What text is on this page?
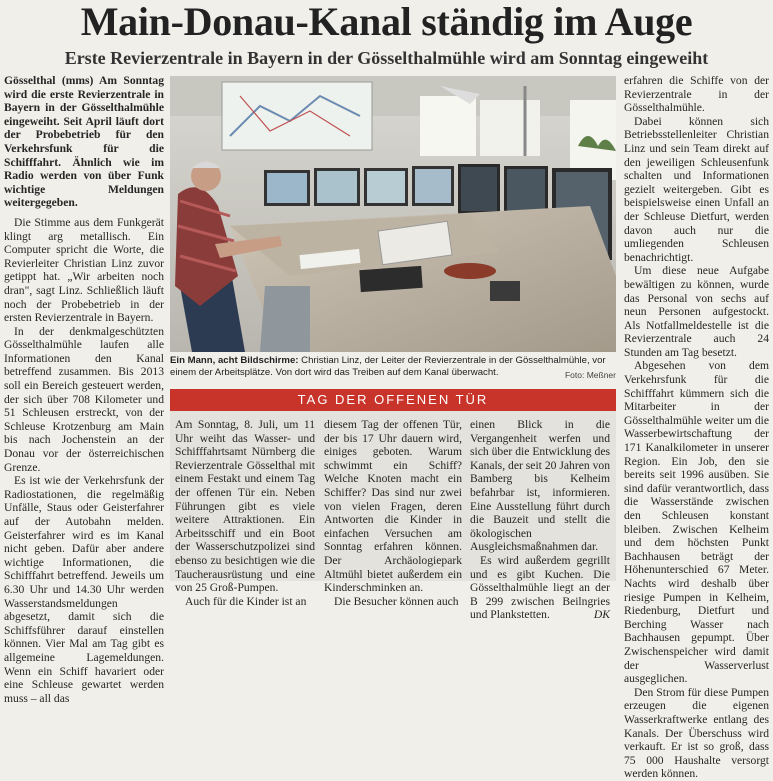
Main-Donau-Kanal ständig im Auge
Erste Revierzentrale in Bayern in der Gösselthalmühle wird am Sonntag eingeweiht

Gösselthal (mms) Am Sonntag wird die erste Revierzentrale in Bayern in der Gösselthalmühle eingeweiht. Seit April läuft dort der Probebetrieb für den Verkehrsfunk für die Schifffahrt. Ähnlich wie im Radio werden von über Funk wichtige Meldungen weitergegeben.

Die Stimme aus dem Funkgerät klingt arg metallisch. Ein Computer spricht die Worte, die Revierleiter Christian Linz zuvor getippt hat. „Wir arbeiten noch dran", sagt Linz. Schließlich läuft noch der Probebetrieb in der ersten Revierzentrale in Bayern.

In der denkmalgeschützten Gösselthalmühle laufen alle Informationen den Kanal betreffend zusammen. Bis 2013 soll ein Bereich gesteuert werden, der sich über 708 Kilometer und 51 Schleusen erstreckt, von der Schleuse Krotzenburg am Main bis nach Jochenstein an der Donau vor der österreichischen Grenze.

Es ist wie der Verkehrsfunk der Radiostationen, die regelmäßig Unfälle, Staus oder Geisterfahrer auf der Autobahn melden. Geisterfahrer wird es im Kanal nicht geben. Dafür aber andere wichtige Informationen, die Schifffahrt betreffend. Jeweils um 6.30 Uhr und 14.30 Uhr werden Wasserstandsmeldungen abgesetzt, damit sich die Schiffsführer darauf einstellen können. Vier Mal am Tag gibt es allgemeine Lagemeldungen. Wenn ein Schiff havariert oder eine Schleuse gewartet werden muss – all das

Ein Mann, acht Bildschirme: Christian Linz, der Leiter der Revierzentrale in der Gösselthalmühle, vor einem der Arbeitsplätze. Von dort wird das Treiben auf dem Kanal überwacht.	Foto: Meßner
TAG DER OFFENEN TÜR

Am Sonntag, 8. Juli, um 11 Uhr weiht das Wasser- und Schifffahrtsamt Nürnberg die Revierzentrale Gösselthal mit einem Festakt und einem Tag der offenen Tür ein. Neben Führungen gibt es viele weitere Attraktionen. Ein Arbeitsschiff und ein Boot der Wasserschutzpolizei sind ebenso zu besichtigen wie die Taucherausrüstung und eine von 25 Groß-Pumpen.

Auch für die Kinder ist an

diesem Tag der offenen Tür, der bis 17 Uhr dauern wird, einiges geboten. Warum schwimmt ein Schiff? Welche Knoten macht ein Schiffer? Das sind nur zwei von vielen Fragen, deren Antworten die Kinder in einfachen Versuchen am Sonntag erfahren können. Der Archäologiepark Altmühl bietet außerdem ein Kinderschminken an.

Die Besucher können auch

einen Blick in die Vergangenheit werfen und sich über die Entwicklung des Kanals, der seit 20 Jahren von Bamberg bis Kelheim befahrbar ist, informieren. Eine Ausstellung führt durch die Bauzeit und stellt die ökologischen Ausgleichsmaßnahmen dar.

Es wird außerdem gegrillt und es gibt Kuchen. Die Gösselthalmühle liegt an der B 299 zwischen Beilngries und Plankstetten.	DK

erfahren die Schiffe von der Revierzentrale in der Gösselthalmühle.

Dabei können sich Betriebsstellenleiter Christian Linz und sein Team direkt auf den jeweiligen Schleusenfunk schalten und Informationen gezielt weitergeben. Gibt es beispielsweise einen Unfall an der Schleuse Dietfurt, werden davon auch nur die umliegenden Schleusen benachrichtigt.

Um diese neue Aufgabe bewältigen zu können, wurde das Personal von sechs auf neun Personen aufgestockt. Als Notfallmeldestelle ist die Revierzentrale auch 24 Stunden am Tag besetzt.

Abgesehen von dem Verkehrsfunk für die Schifffahrt kümmern sich die Mitarbeiter in der Gösselthalmühle weiter um die Wasserbewirtschaftung der 171 Kanalkilometer in unserer Region. Ein Job, den sie bereits seit 1996 ausüben. Sie sind dafür verantwortlich, dass die Wasserstände zwischen den Schleusen konstant bleiben. Zwischen Kelheim und dem höchsten Punkt Bachhausen beträgt der Höhenunterschied 67 Meter. Nachts wird deshalb über riesige Pumpen in Kelheim, Riedenburg, Dietfurt und Berching Wasser nach Bachhausen gepumpt. Über Zwischenspeicher wird damit der Wasserverlust ausgeglichen.

Den Strom für diese Pumpen erzeugen die eigenen Wasserkraftwerke entlang des Kanals. Der Überschuss wird verkauft. Er ist so groß, dass 75 000 Haushalte versorgt werden können.
